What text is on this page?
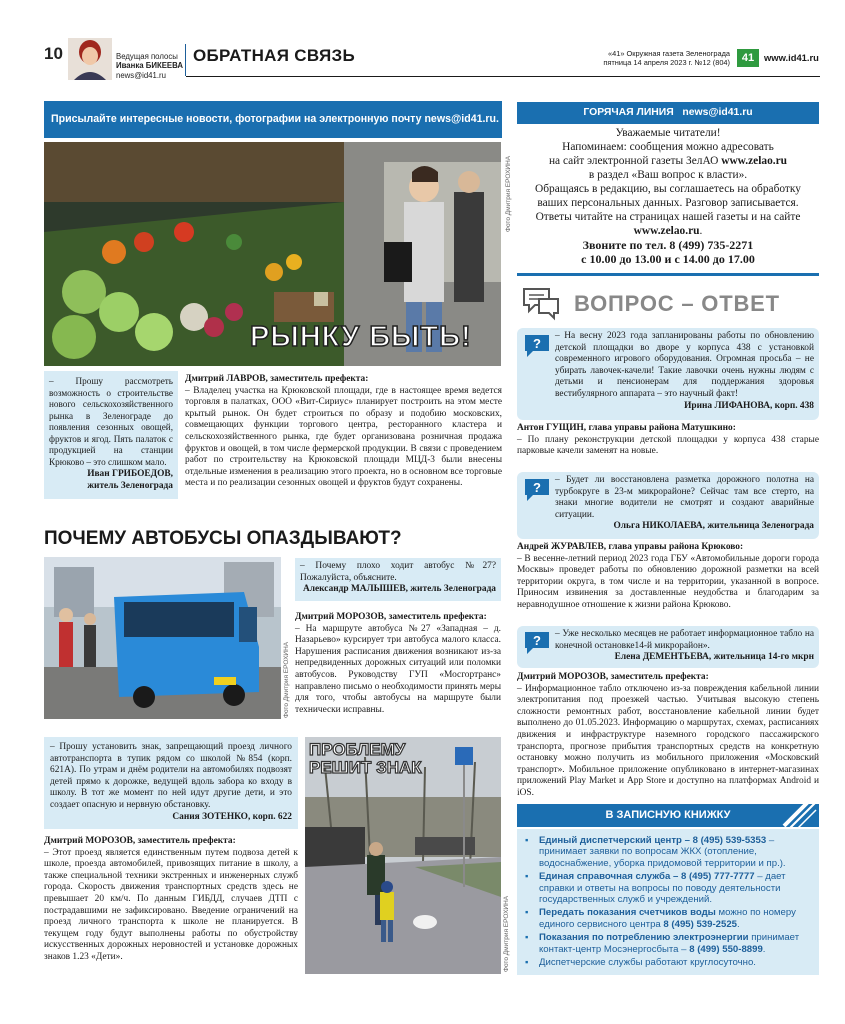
10	Ведущая полосы
Иванка БИКЕЕВА
news@id41.ru
ОБРАТНАЯ СВЯЗЬ	«41» Окружная газета Зеленограда
пятница 14 апреля 2023 г. №12 (804)	41	www.id41.ru
Присылайте интересные новости, фотографии на электронную почту news@id41.ru.
РЫНКУ БЫТЬ!
Фото Дмитрия ЕРОХИНА

– Прошу рассмотреть возможность о строительстве нового сельскохозяйственного рынка в Зеленограде до появления сезонных овощей, фруктов и ягод. Пять палаток с продукцией на станции Крюково – это слишком мало.

Иван ГРИБОЕДОВ,
житель Зеленограда
Дмитрий ЛАВРОВ, заместитель префекта:

– Владелец участка на Крюковской площади, где в настоящее время ведется торговля в палатках, ООО «Вит-Сириус» планирует построить на этом месте крытый рынок. Он будет строиться по образу и подобию московских, совмещающих функции торгового центра, ресторанного кластера и сельскохозяйственного рынка, где будет организована розничная продажа фруктов и овощей, в том числе фермерской продукции. В связи с проведением работ по строительству на Крюковской площади МЦД-3 были внесены отдельные изменения в реализацию этого проекта, но в основном все торговые места и по реализации сезонных овощей и фруктов будут сохранены.

ПОЧЕМУ АВТОБУСЫ ОПАЗДЫВАЮТ?
Фото Дмитрия ЕРОХИНА

– Почему плохо ходит автобус №27? Пожалуйста, объясните.

Александр МАЛЫШЕВ, житель Зеленограда
Дмитрий МОРОЗОВ, заместитель префекта:

– На маршруте автобуса №27 «Западная – д. Назарьево» курсирует три автобуса малого класса. Нарушения расписания движения возникают из-за непредвиденных дорожных ситуаций или поломки автобусов. Руководству ГУП «Мосгортранс» направлено письмо о необходимости принять меры для того, чтобы автобусы на маршруте были технически исправны.

– Прошу установить знак, запрещающий проезд личного автотранспорта в тупик рядом со школой №854 (корп. 621А). По утрам и днём родители на автомобилях подвозят детей прямо к дорожке, ведущей вдоль забора ко входу в школу. В тот же момент по ней идут другие дети, и это создает опасную и нервную обстановку.

Сания ЗОТЕНКО, корп. 622
Дмитрий МОРОЗОВ, заместитель префекта:

– Этот проезд является единственным путем подвоза детей к школе, проезда автомобилей, привозящих питание в школу, а также специальной техники экстренных и инженерных служб города. Скорость движения транспортных средств здесь не превышает 20 км/ч. По данным ГИБДД, случаев ДТП с пострадавшими не зафиксировано. Введение ограничений на проезд личного транспорта к школе не планируется. В текущем году будут выполнены работы по обустройству искусственных дорожных неровностей и установке дорожных знаков 1.23 «Дети».

ПРОБЛЕМУ
РЕШИТ ЗНАК
Фото Дмитрия ЕРОХИНА
ГОРЯЧАЯ ЛИНИЯ news@id41.ru
Уважаемые читатели!
Напоминаем: сообщения можно адресовать
на сайт электронной газеты ЗелАО www.zelao.ru
в раздел «Ваш вопрос к власти».
Обращаясь в редакцию, вы соглашаетесь на обработку
ваших персональных данных. Разговор записывается.
Ответы читайте на страницах нашей газеты и на сайте
www.zelao.ru.
Звоните по тел. 8 (499) 735-2271
с 10.00 до 13.00 и с 14.00 до 17.00
ВОПРОС – ОТВЕТ

– На весну 2023 года запланированы работы по обновлению детской площадки во дворе у корпуса 438 с установкой современного игрового оборудования. Огромная просьба – не убирать лавочек-качели! Такие лавочки очень нужны людям с детьми и пенсионерам для поддержания здоровья вестибулярного аппарата – это научный факт!

Ирина ЛИФАНОВА, корп. 438
?
Антон ГУЩИН, глава управы района Матушкино:

– По плану реконструкции детской площадки у корпуса 438 старые парковые качели заменят на новые.

– Будет ли восстановлена разметка дорожного полотна на турбокруге в 23-м микрорайоне? Сейчас там все стерто, на знаки многие водители не смотрят и создают аварийные ситуации.

Ольга НИКОЛАЕВА, жительница Зеленограда
?
Андрей ЖУРАВЛЕВ, глава управы района Крюково:

– В весенне-летний период 2023 года ГБУ «Автомобильные дороги города Москвы» проведет работы по обновлению дорожной разметки на всей территории округа, в том числе и на территории, указанной в вопросе. Приносим извинения за доставленные неудобства и благодарим за неравнодушное отношение к жизни района Крюково.

– Уже несколько месяцев не работает информационное табло на конечной остановке14-й микрорайон».

Елена ДЕМЕНТЬЕВА, жительница 14-го мкрн
?
Дмитрий МОРОЗОВ, заместитель префекта:

– Информационное табло отключено из-за повреждения кабельной линии электропитания под проезжей частью. Учитывая высокую степень сложности ремонтных работ, восстановление кабельной линии будет выполнено до 01.05.2023. Информацию о маршрутах, схемах, расписаниях движения и инфраструктуре наземного городского пассажирского транспорта, прогнозе прибытия транспортных средств на конкретную остановку можно получить из мобильного приложения «Московский транспорт». Мобильное приложение опубликовано в интернет-магазинах приложений Play Market и App Store и доступно на платформах Android и iOS.

В ЗАПИСНУЮ КНИЖКУ
▪ Единый диспетчерский центр – 8 (495) 539-5353 – принимает заявки по вопросам ЖКХ (отопление, водоснабжение, уборка придомовой территории и пр.).
▪ Единая справочная служба – 8 (495) 777-7777 – дает справки и ответы на вопросы по поводу деятельности государственных служб и учреждений.
▪ Передать показания счетчиков воды можно по номеру единого сервисного центра 8 (495) 539-2525.
▪ Показания по потреблению электроэнергии принимает контакт-центр Мосэнергосбыта – 8 (499) 550-8899.
▪ Диспетчерские службы работают круглосуточно.
